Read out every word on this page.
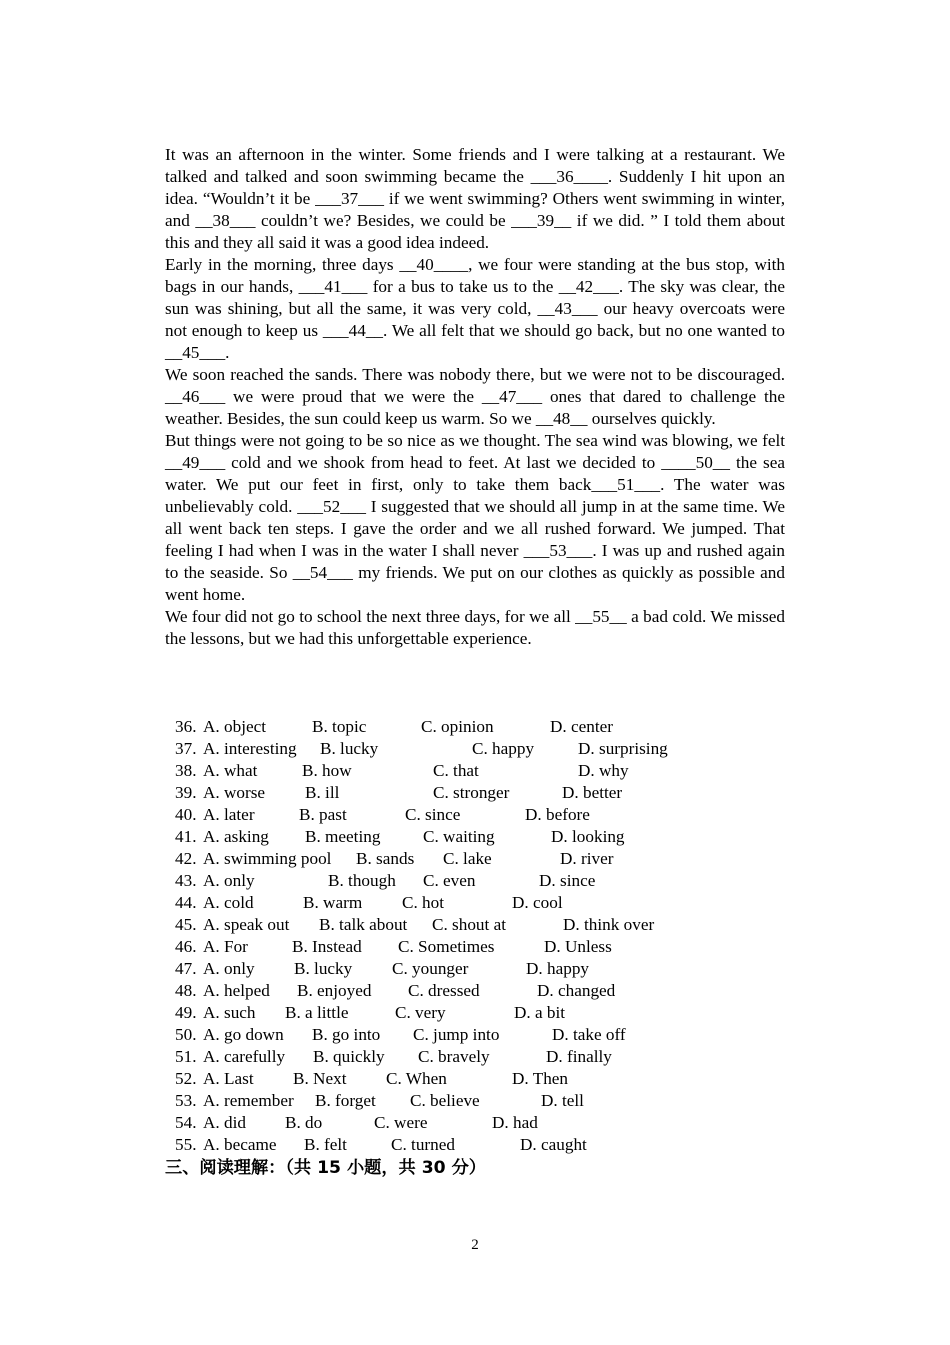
It was an afternoon in the winter. Some friends and I were talking at a restaurant. We talked and talked and soon swimming became the ___36____. Suddenly I hit upon an idea. “Wouldn’t it be ___37___ if we went swimming? Others went swimming in winter, and __38___ couldn’t we? Besides, we could be ___39__ if we did. ” I told them about this and they all said it was a good idea indeed.

Early in the morning, three days __40____, we four were standing at the bus stop, with bags in our hands, ___41___ for a bus to take us to the __42___. The sky was clear, the sun was shining, but all the same, it was very cold, __43___ our heavy overcoats were not enough to keep us ___44__. We all felt that we should go back, but no one wanted to __45___.

We soon reached the sands. There was nobody there, but we were not to be discouraged. __46___ we were proud that we were the __47___ ones that dared to challenge the weather. Besides, the sun could keep us warm. So we __48__ ourselves quickly.

But things were not going to be so nice as we thought. The sea wind was blowing, we felt __49___ cold and we shook from head to feet. At last we decided to ____50__ the sea water. We put our feet in first, only to take them back___51___. The water was unbelievably cold. ___52___ I suggested that we should all jump in at the same time. We all went back ten steps. I gave the order and we all rushed forward. We jumped. That feeling I had when I was in the water I shall never ___53___. I was up and rushed again to the seaside. So __54___ my friends. We put on our clothes as quickly as possible and went home.

We four did not go to school the next three days, for we all __55__ a bad cold. We missed the lessons, but we had this unforgettable experience.

36. A. object	B. topic	C. opinion	D. center
37. A. interesting B. lucky	C. happy	D. surprising
38. A. what	B. how	C. that	D. why
39. A. worse B. ill	C. stronger	D. better
40. A. later	B. past	C. since	D. before
41. A. asking B. meeting C. waiting	D. looking
42. A. swimming pool B. sands C. lake	D. river
43. A. only	B. though C. even	D. since
44. A. cold	B. warm C. hot	D. cool
45. A. speak out B. talk about C. shout at	D. think over
46. A. For	B. Instead C. Sometimes	D. Unless
47. A. only B. lucky C. younger	D. happy
48. A. helped B. enjoyed C. dressed	D. changed
49. A. such B. a little	C. very	D. a bit
50. A. go down B. go into C. jump into	D. take off
51. A. carefully B. quickly C. bravely	D. finally
52. A. Last B. Next C. When	D. Then
53. A. remember B. forget C. believe	D. tell
54. A. did B. do	C. were	D. had
55. A. became B. felt	C. turned	D. caught
三、阅读理解：（共 15 小题，共 30 分）
2
